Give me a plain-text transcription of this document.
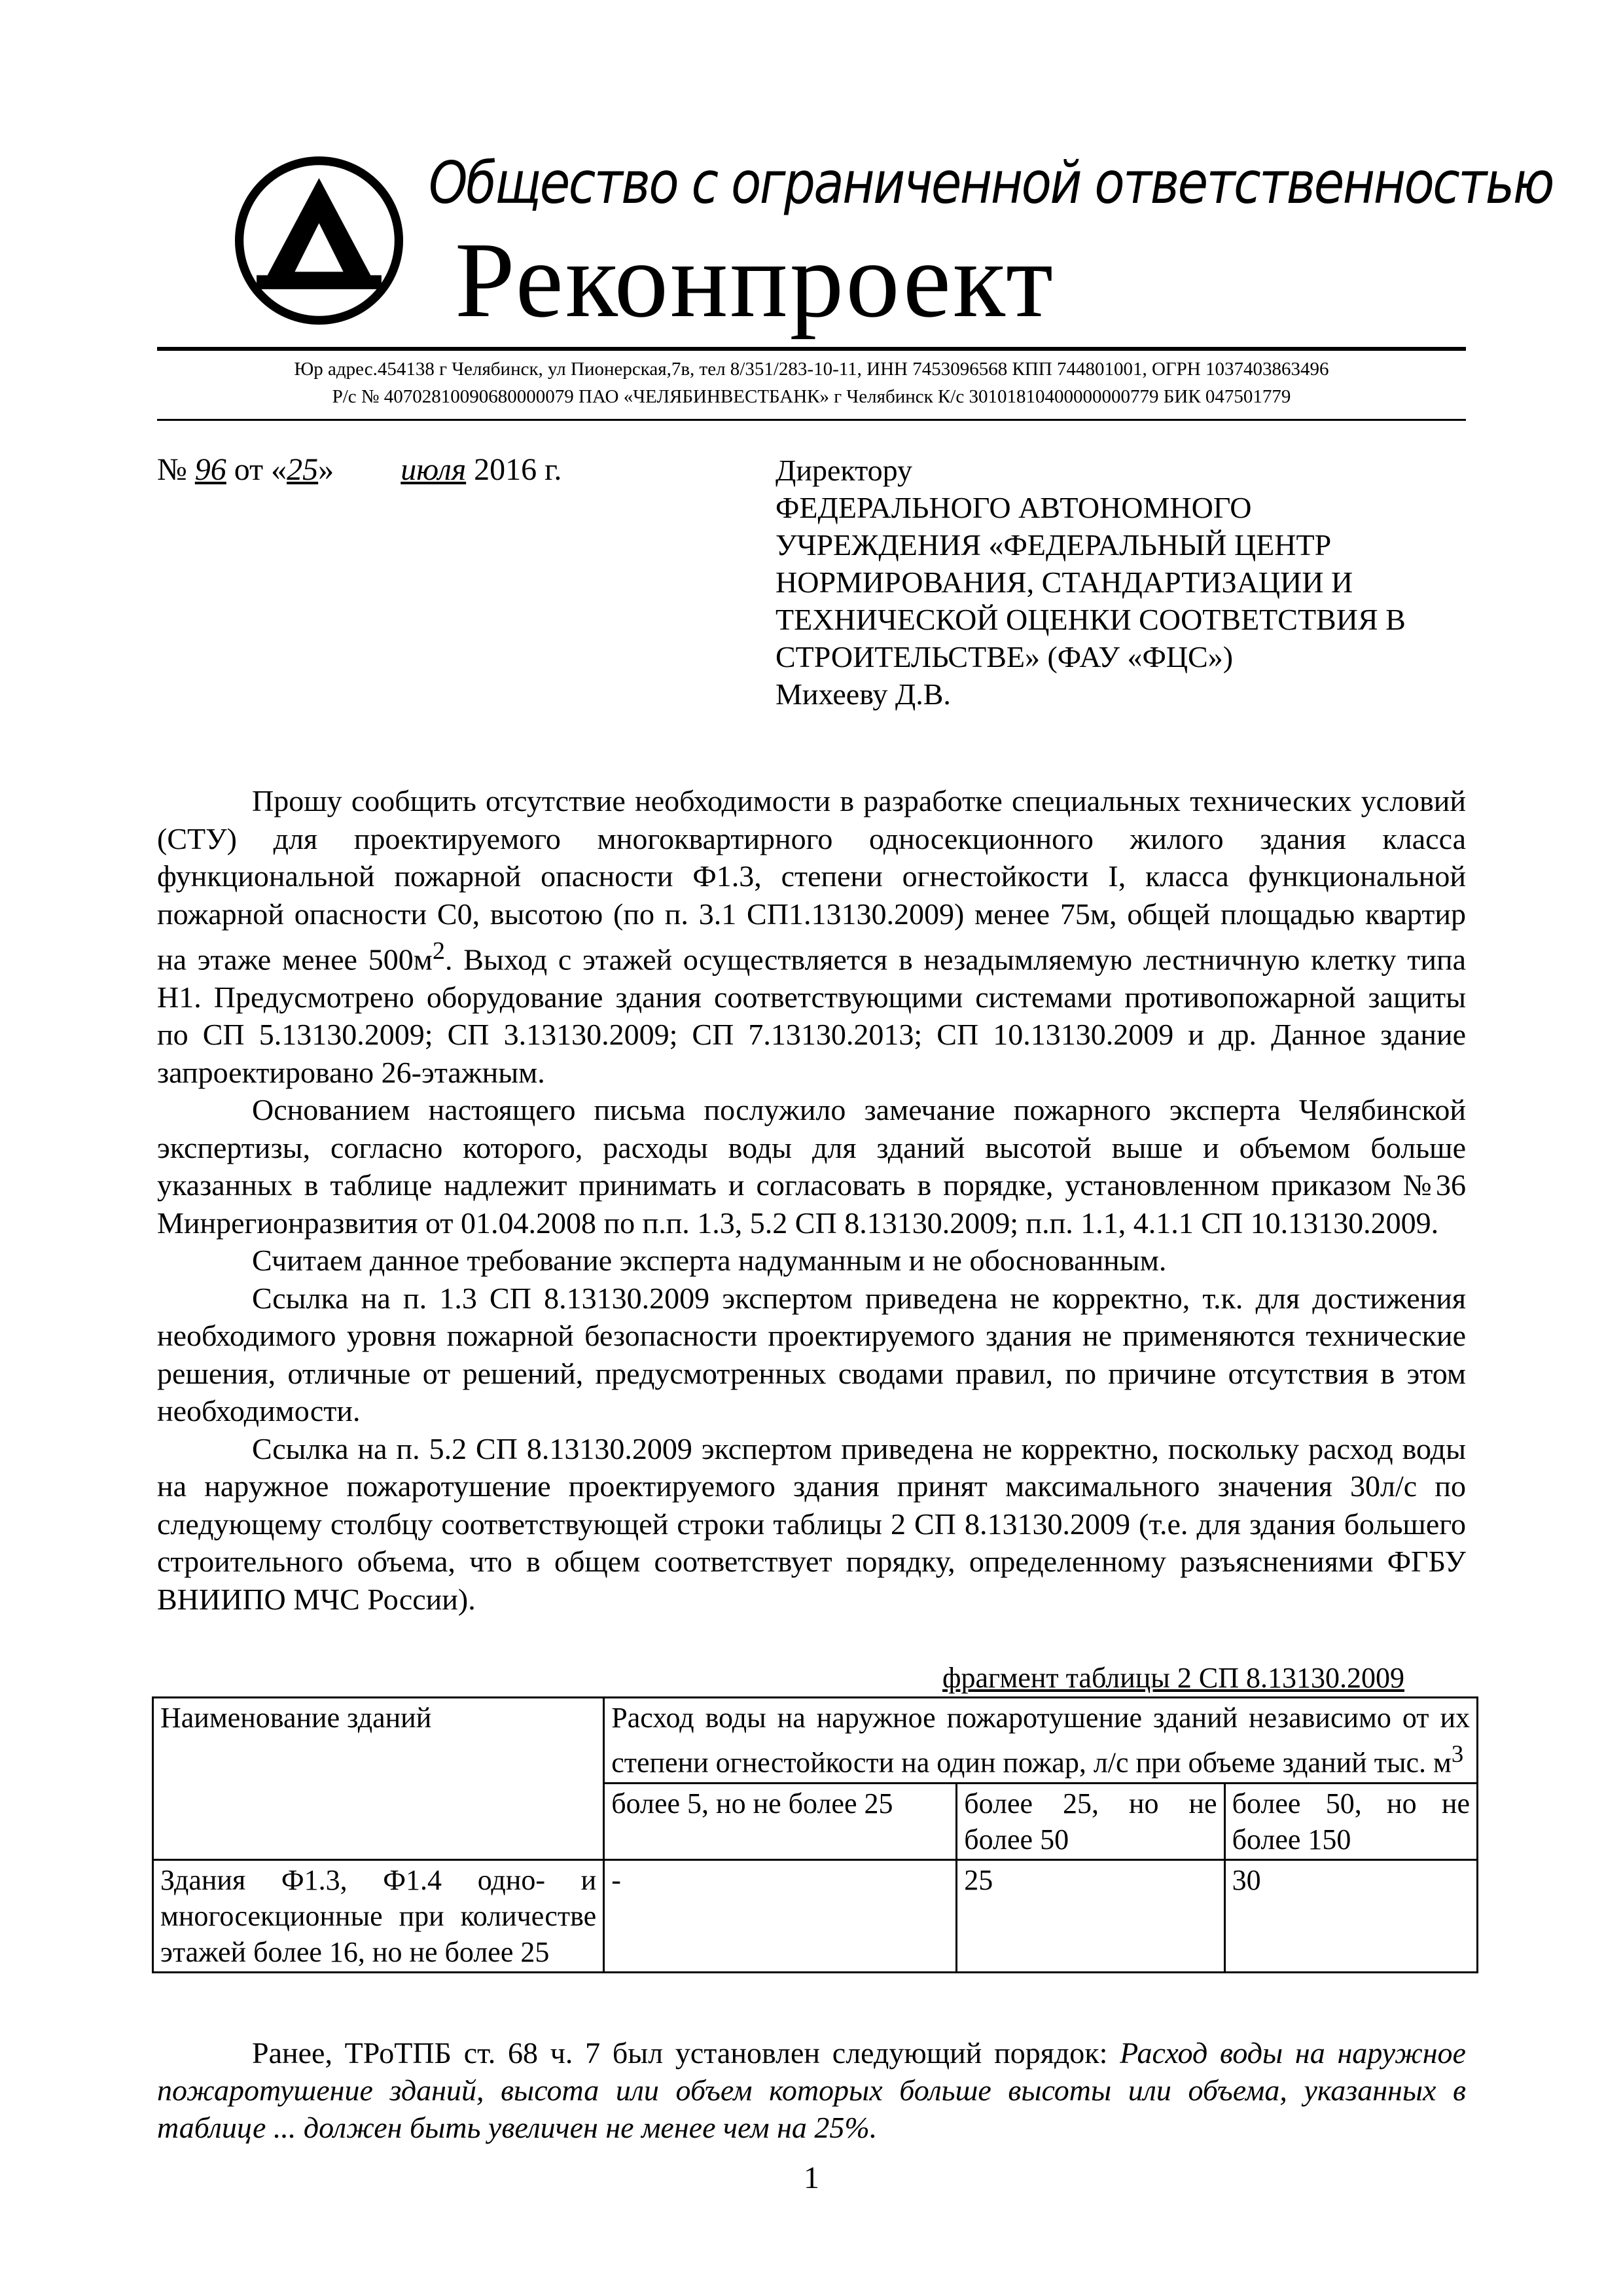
Общество с ограниченной ответственностью
Реконпроект
Юр адрес.454138 г Челябинск, ул Пионерская,7в, тел 8/351/283-10-11, ИНН 7453096568 КПП 744801001, ОГРН 1037403863496
Р/с № 40702810090680000079 ПАО «ЧЕЛЯБИНВЕСТБАНК» г Челябинск К/с 30101810400000000779 БИК 047501779
№ 96 от «25» июля 2016 г.	Директору
ФЕДЕРАЛЬНОГО АВТОНОМНОГО
УЧРЕЖДЕНИЯ «ФЕДЕРАЛЬНЫЙ ЦЕНТР
НОРМИРОВАНИЯ, СТАНДАРТИЗАЦИИ И
ТЕХНИЧЕСКОЙ ОЦЕНКИ СООТВЕТСТВИЯ В
СТРОИТЕЛЬСТВЕ» (ФАУ «ФЦС»)
Михееву Д.В.

Прошу сообщить отсутствие необходимости в разработке специальных технических условий (СТУ) для проектируемого многоквартирного односекционного жилого здания класса функциональной пожарной опасности Ф1.3, степени огнестойкости I, класса функциональной пожарной опасности С0, высотою (по п. 3.1 СП1.13130.2009) менее 75м, общей площадью квартир на этаже менее $500м^2$. Выход с этажей осуществляется в незадымляемую лестничную клетку типа Н1. Предусмотрено оборудование здания соответствующими системами противопожарной защиты по СП 5.13130.2009; СП 3.13130.2009; СП 7.13130.2013; СП 10.13130.2009 и др. Данное здание запроектировано 26-этажным.

Основанием настоящего письма послужило замечание пожарного эксперта Челябинской экспертизы, согласно которого, расходы воды для зданий высотой выше и объемом больше указанных в таблице надлежит принимать и согласовать в порядке, установленном приказом №36 Минрегионразвития от 01.04.2008 по п.п. 1.3, 5.2 СП 8.13130.2009; п.п. 1.1, 4.1.1 СП 10.13130.2009.

Считаем данное требование эксперта надуманным и не обоснованным.

Ссылка на п. 1.3 СП 8.13130.2009 экспертом приведена не корректно, т.к. для достижения необходимого уровня пожарной безопасности проектируемого здания не применяются технические решения, отличные от решений, предусмотренных сводами правил, по причине отсутствия в этом необходимости.

Ссылка на п. 5.2 СП 8.13130.2009 экспертом приведена не корректно, поскольку расход воды на наружное пожаротушение проектируемого здания принят максимального значения 30л/с по следующему столбцу соответствующей строки таблицы 2 СП 8.13130.2009 (т.е. для здания большего строительного объема, что в общем соответствует порядку, определенному разъяснениями ФГБУ ВНИИПО МЧС России).

фрагмент таблицы 2 СП 8.13130.2009
Наименование зданий	Расход воды на наружное пожаротушение зданий независимо от их степени огнестойкости на один пожар, л/с при объеме зданий тыс. $м^3$
	более 5, но не более 25	более 25, но не более 50	более 50, но не более 150
Здания Ф1.3, Ф1.4 одно- и многосекционные при количестве этажей более 16, но не более 25	-	25	30

Ранее, ТРоТПБ ст. 68 ч. 7 был установлен следующий порядок: Расход воды на наружное пожаротушение зданий, высота или объем которых больше высоты или объема, указанных в таблице ... должен быть увеличен не менее чем на 25%.

1
